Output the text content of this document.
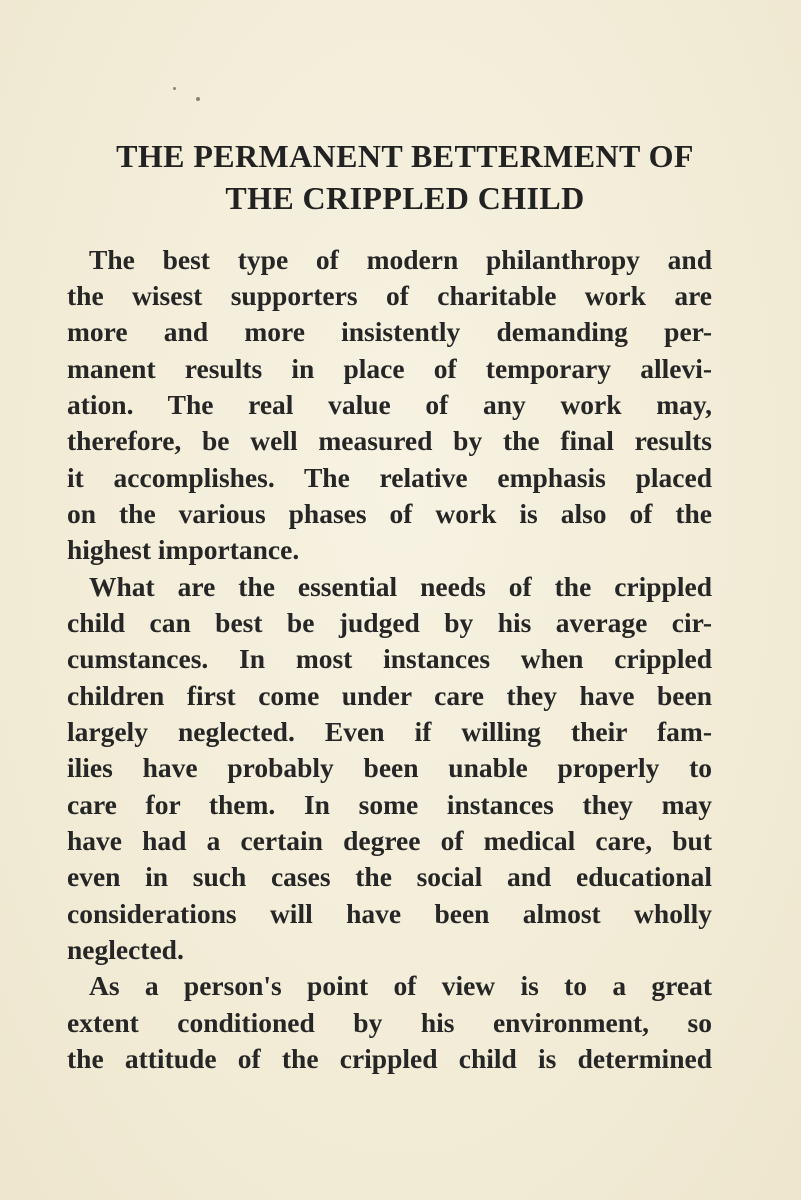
THE PERMANENT BETTERMENT OF
THE CRIPPLED CHILD

The best type of modern philanthropy and

the wisest supporters of charitable work are

more and more insistently demanding per-

manent results in place of temporary allevi-

ation. The real value of any work may,

therefore, be well measured by the final results

it accomplishes. The relative emphasis placed

on the various phases of work is also of the

highest importance.

What are the essential needs of the crippled

child can best be judged by his average cir-

cumstances. In most instances when crippled

children first come under care they have been

largely neglected. Even if willing their fam-

ilies have probably been unable properly to

care for them. In some instances they may

have had a certain degree of medical care, but

even in such cases the social and educational

considerations will have been almost wholly

neglected.

As a person's point of view is to a great

extent conditioned by his environment, so

the attitude of the crippled child is determined
